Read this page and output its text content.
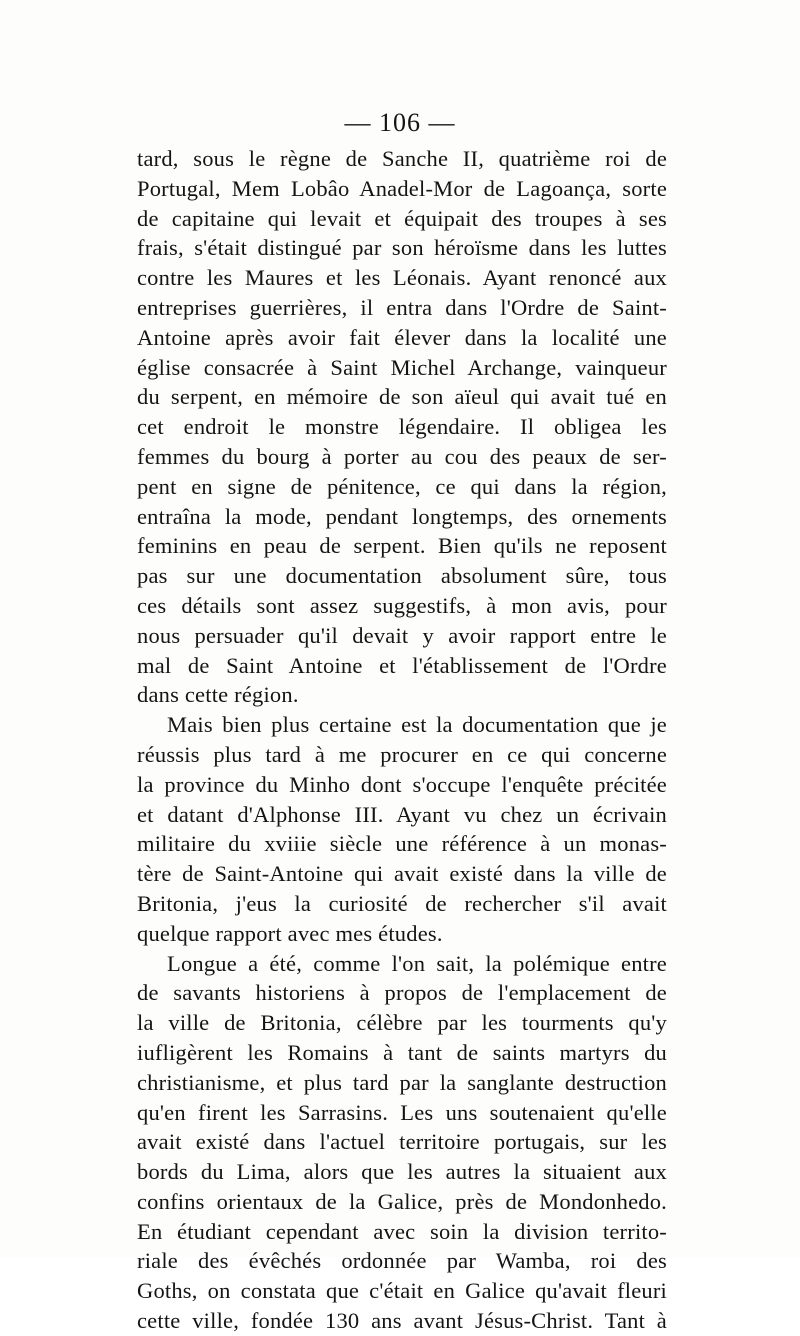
— 106 —
tard, sous le règne de Sanche II, quatrième roi de
Portugal, Mem Lobâo Anadel-Mor de Lagoança, sorte
de capitaine qui levait et équipait des troupes à ses
frais, s'était distingué par son héroïsme dans les luttes
contre les Maures et les Léonais. Ayant renoncé aux
entreprises guerrières, il entra dans l'Ordre de Saint-
Antoine après avoir fait élever dans la localité une
église consacrée à Saint Michel Archange, vainqueur
du serpent, en mémoire de son aïeul qui avait tué en
cet endroit le monstre légendaire. Il obligea les
femmes du bourg à porter au cou des peaux de ser-
pent en signe de pénitence, ce qui dans la région,
entraîna la mode, pendant longtemps, des ornements
feminins en peau de serpent. Bien qu'ils ne reposent
pas sur une documentation absolument sûre, tous
ces détails sont assez suggestifs, à mon avis, pour
nous persuader qu'il devait y avoir rapport entre le
mal de Saint Antoine et l'établissement de l'Ordre
dans cette région.
Mais bien plus certaine est la documentation que je
réussis plus tard à me procurer en ce qui concerne
la province du Minho dont s'occupe l'enquête précitée
et datant d'Alphonse III. Ayant vu chez un écrivain
militaire du xviiie siècle une référence à un monas-
tère de Saint-Antoine qui avait existé dans la ville de
Britonia, j'eus la curiosité de rechercher s'il avait
quelque rapport avec mes études.
Longue a été, comme l'on sait, la polémique entre
de savants historiens à propos de l'emplacement de
la ville de Britonia, célèbre par les tourments qu'y
iufligèrent les Romains à tant de saints martyrs du
christianisme, et plus tard par la sanglante destruction
qu'en firent les Sarrasins. Les uns soutenaient qu'elle
avait existé dans l'actuel territoire portugais, sur les
bords du Lima, alors que les autres la situaient aux
confins orientaux de la Galice, près de Mondonhedo.
En étudiant cependant avec soin la division territo-
riale des évêchés ordonnée par Wamba, roi des
Goths, on constata que c'était en Galice qu'avait fleuri
cette ville, fondée 130 ans avant Jésus-Christ. Tant à
